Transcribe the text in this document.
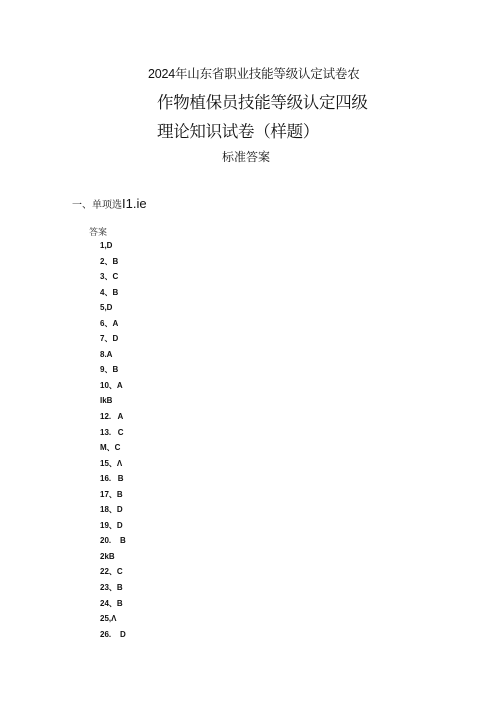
2024年山东省职业技能等级认定试卷农
作物植保员技能等级认定四级
理论知识试卷（样题）
标准答案
一、单项选I1.ie
答案
1,D
2、B
3、C
4、B
5,D
6、A
7、D
8.A
9、B
10、A
IkB
12.   A
13.   C
M、C
15、Λ
16.   B
17、B
18、D
19、D
20.    B
2kB
22、C
23、B
24、B
25,Λ
26.    D
